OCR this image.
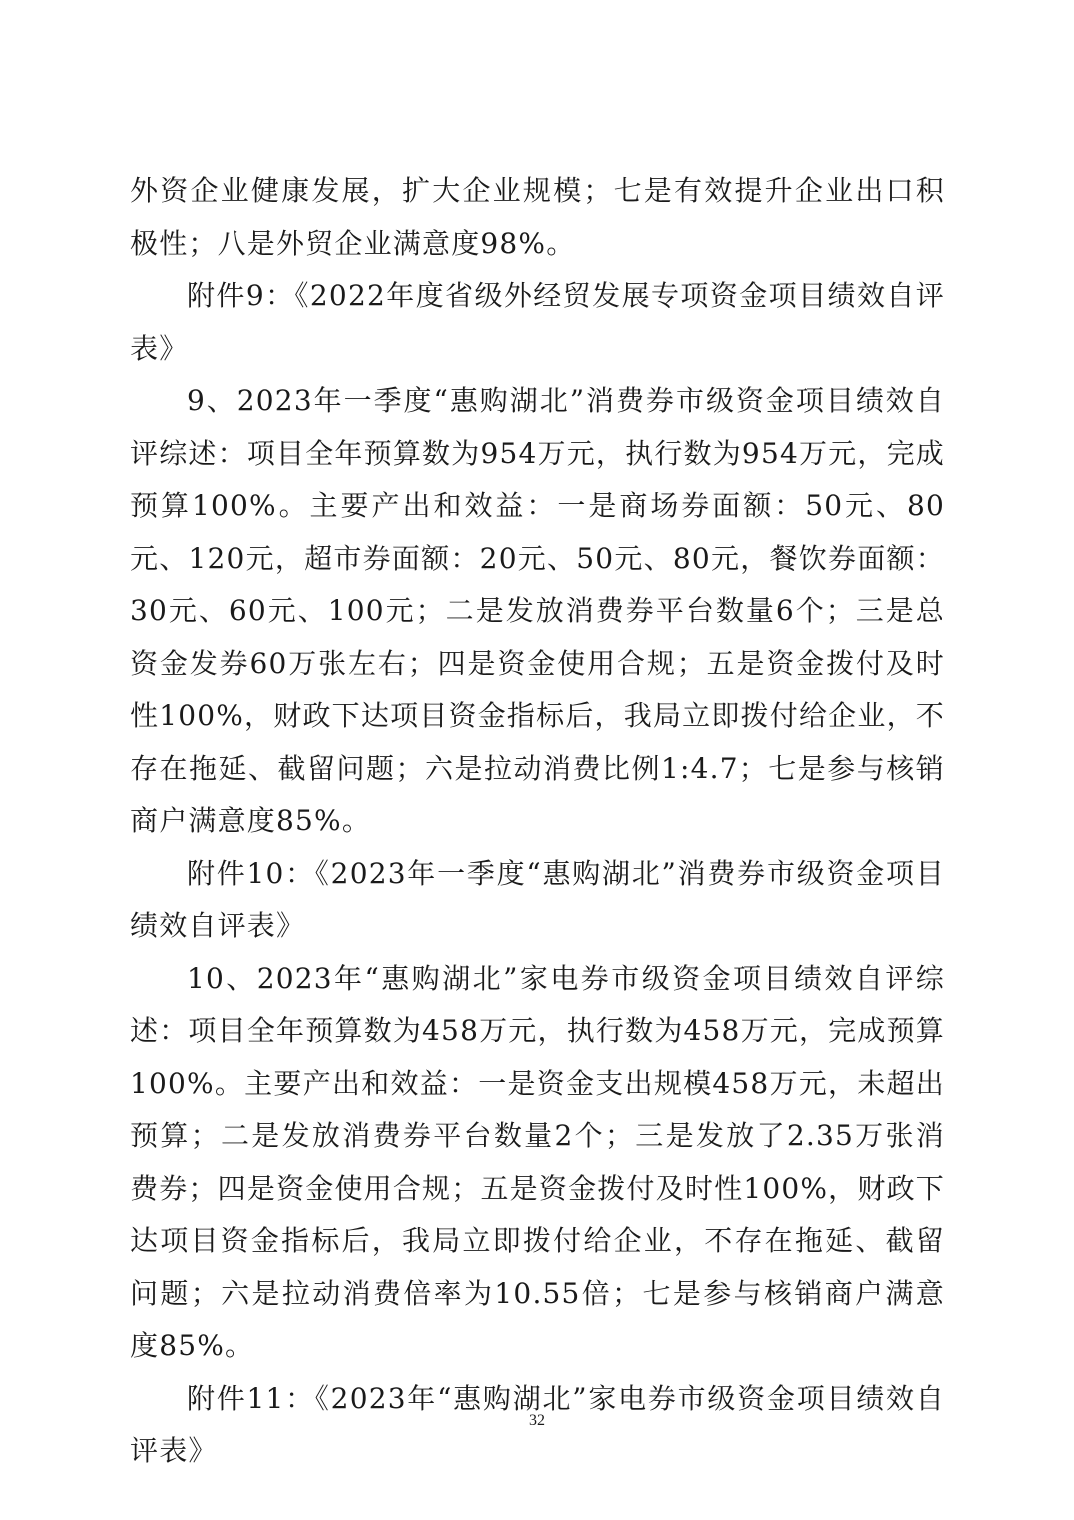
外资企业健康发展，扩大企业规模；七是有效提升企业出口积极性；八是外贸企业满意度98%。

附件9：《2022年度省级外经贸发展专项资金项目绩效自评表》

9、2023年一季度“惠购湖北”消费券市级资金项目绩效自评综述：项目全年预算数为954万元，执行数为954万元，完成预算100%。主要产出和效益：一是商场券面额：50元、80元、120元，超市券面额：20元、50元、80元，餐饮券面额：30元、60元、100元；二是发放消费券平台数量6个；三是总资金发券60万张左右；四是资金使用合规；五是资金拨付及时性100%，财政下达项目资金指标后，我局立即拨付给企业，不存在拖延、截留问题；六是拉动消费比例1:4.7；七是参与核销商户满意度85%。

附件10：《2023年一季度“惠购湖北”消费券市级资金项目绩效自评表》

10、2023年“惠购湖北”家电券市级资金项目绩效自评综述：项目全年预算数为458万元，执行数为458万元，完成预算100%。主要产出和效益：一是资金支出规模458万元，未超出预算；二是发放消费券平台数量2个；三是发放了2.35万张消费券；四是资金使用合规；五是资金拨付及时性100%，财政下达项目资金指标后，我局立即拨付给企业，不存在拖延、截留问题；六是拉动消费倍率为10.55倍；七是参与核销商户满意度85%。

附件11：《2023年“惠购湖北”家电券市级资金项目绩效自评表》

32
